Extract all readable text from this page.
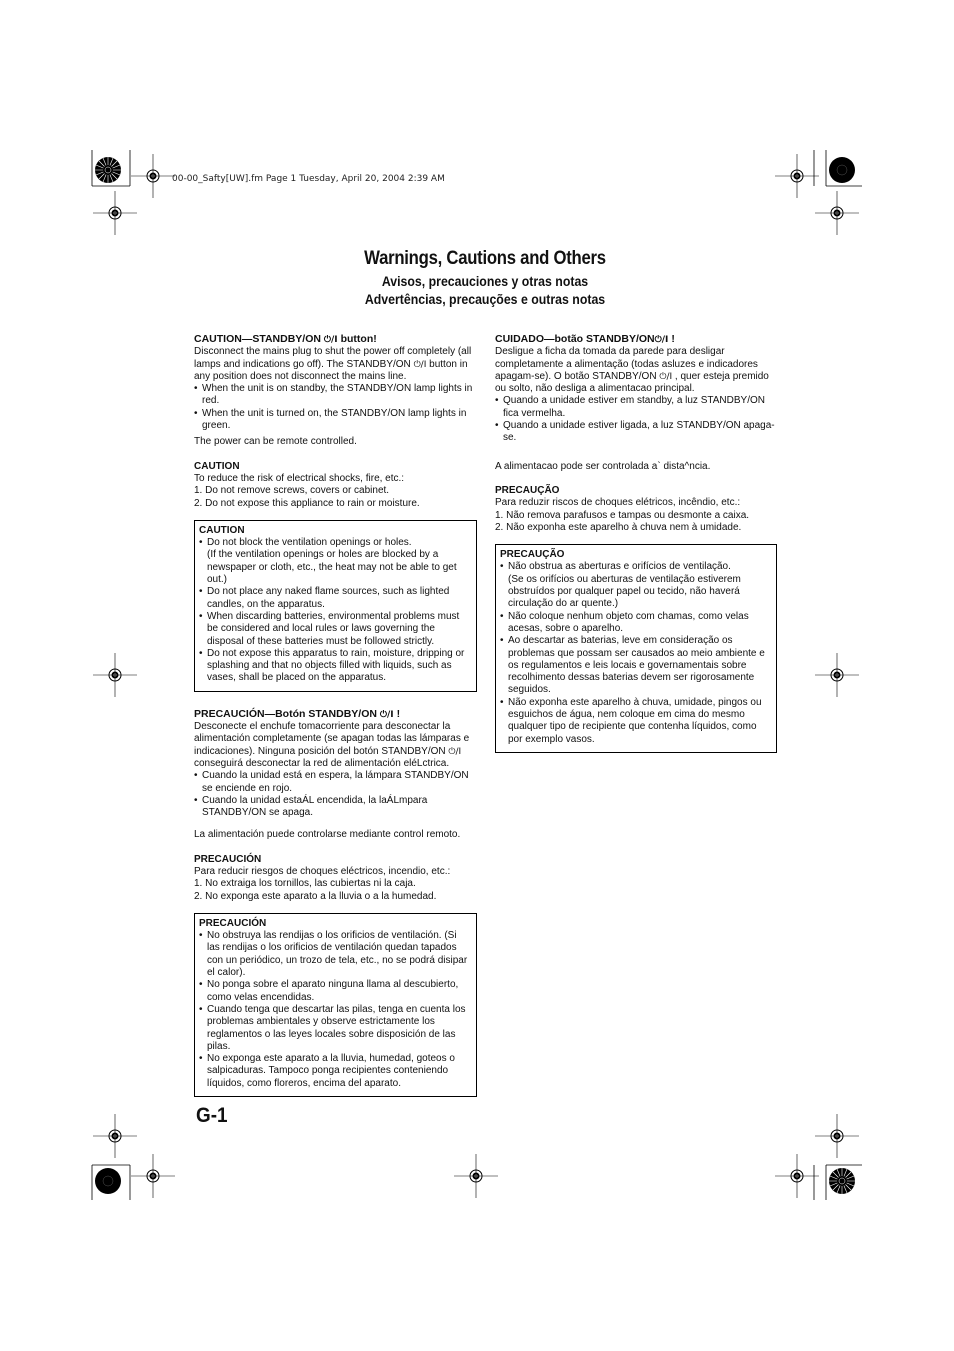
00-00_Safty[UW].fm Page 1 Tuesday, April 20, 2004 2:39 AM
Warnings, Cautions and Others
Avisos, precauciones y otras notas
Advertências, precauções e outras notas
CAUTION—STANDBY/ON ⏻/I button!

Disconnect the mains plug to shut the power off completely (all lamps and indications go off). The STANDBY/ON ⏻/I button in any position does not disconnect the mains line.

• When the unit is on standby, the STANDBY/ON lamp lights in red.
• When the unit is turned on, the STANDBY/ON lamp lights in green.

The power can be remote controlled.

CAUTION

To reduce the risk of electrical shocks, fire, etc.:

1. Do not remove screws, covers or cabinet.

2. Do not expose this appliance to rain or moisture.

CAUTION
• Do not block the ventilation openings or holes.
(If the ventilation openings or holes are blocked by a newspaper or cloth, etc., the heat may not be able to get out.)
• Do not place any naked flame sources, such as lighted candles, on the apparatus.
• When discarding batteries, environmental problems must be considered and local rules or laws governing the disposal of these batteries must be followed strictly.
• Do not expose this apparatus to rain, moisture, dripping or splashing and that no objects filled with liquids, such as vases, shall be placed on the apparatus.
PRECAUCIÓN—Botón STANDBY/ON ⏻/I !

Desconecte el enchufe tomacorriente para desconectar la alimentación completamente (se apagan todas las lámparas e indicaciones). Ninguna posición del botón STANDBY/ON ⏻/I conseguirá desconectar la red de alimentación eléLctrica.

• Cuando la unidad está en espera, la lámpara STANDBY/ON se enciende en rojo.
• Cuando la unidad estaÁL encendida, la laÁLmpara STANDBY/ON se apaga.

La alimentación puede controlarse mediante control remoto.

PRECAUCIÓN

Para reducir riesgos de choques eléctricos, incendio, etc.:

1. No extraiga los tornillos, las cubiertas ni la caja.

2. No exponga este aparato a la lluvia o a la humedad.

PRECAUCIÓN
• No obstruya las rendijas o los orificios de ventilación. (Si las rendijas o los orificios de ventilación quedan tapados con un periódico, un trozo de tela, etc., no se podrá disipar el calor).
• No ponga sobre el aparato ninguna llama al descubierto, como velas encendidas.
• Cuando tenga que descartar las pilas, tenga en cuenta los problemas ambientales y observe estrictamente los reglamentos o las leyes locales sobre disposición de las pilas.
• No exponga este aparato a la lluvia, humedad, goteos o salpicaduras. Tampoco ponga recipientes conteniendo líquidos, como floreros, encima del aparato.
CUIDADO—botão STANDBY/ON⏻/I !

Desligue a ficha da tomada da parede para desligar completamente a alimentação (todas asluzes e indicadores apagam-se). O botão STANDBY/ON ⏻/I , quer esteja premido ou solto, não desliga a alimentacao principal.

• Quando a unidade estiver em standby, a luz STANDBY/ON fica vermelha.
• Quando a unidade estiver ligada, a luz STANDBY/ON apaga-se.

A alimentacao pode ser controlada a` dista^ncia.

PRECAUÇÃO

Para reduzir riscos de choques elétricos, incêndio, etc.:

1. Não remova parafusos e tampas ou desmonte a caixa.

2. Não exponha este aparelho à chuva nem à umidade.

PRECAUÇÃO
• Não obstrua as aberturas e orifícios de ventilação.
(Se os orifícios ou aberturas de ventilação estiverem obstruídos por qualquer papel ou tecido, não haverá circulação do ar quente.)
• Não coloque nenhum objeto com chamas, como velas acesas, sobre o aparelho.
• Ao descartar as baterias, leve em consideração os problemas que possam ser causados ao meio ambiente e os regulamentos e leis locais e governamentais sobre recolhimento dessas baterias devem ser rigorosamente seguidos.
• Não exponha este aparelho à chuva, umidade, pingos ou esguichos de água, nem coloque em cima do mesmo qualquer tipo de recipiente que contenha líquidos, como por exemplo vasos.
G-1
